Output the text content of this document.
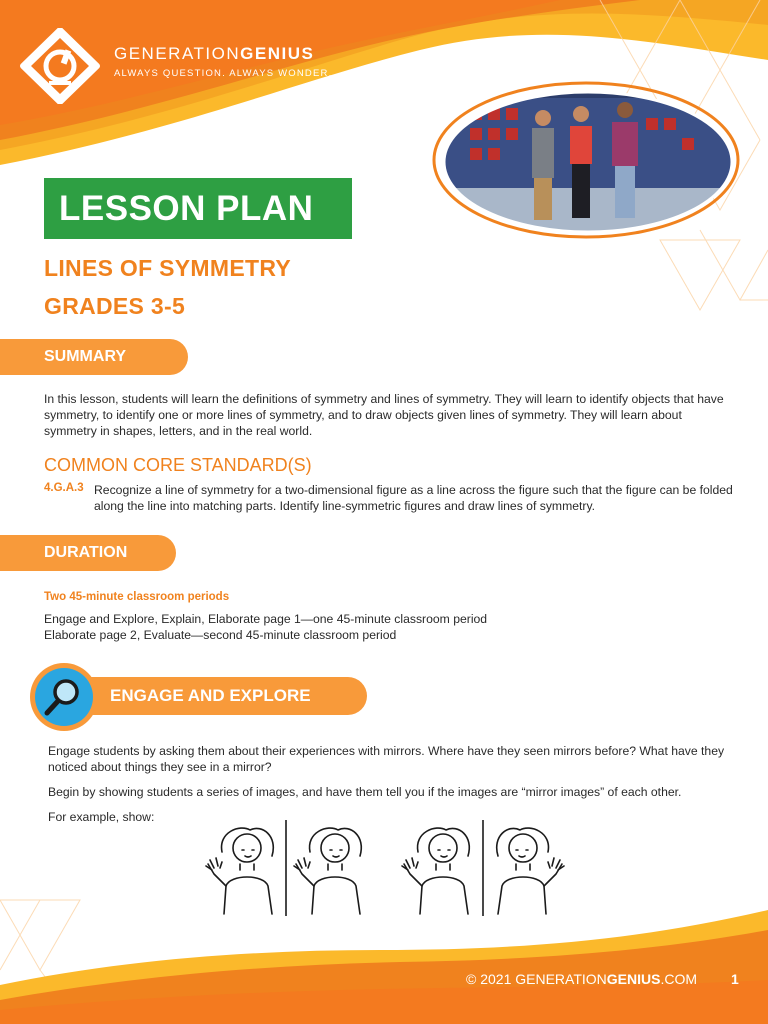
GENERATIONGENIUS
ALWAYS QUESTION. ALWAYS WONDER.
LESSON PLAN
LINES OF SYMMETRY
GRADES 3-5
SUMMARY
In this lesson, students will learn the definitions of symmetry and lines of symmetry. They will learn to identify objects that have symmetry, to identify one or more lines of symmetry, and to draw objects given lines of symmetry. They will learn about symmetry in shapes, letters, and in the real world.
COMMON CORE STANDARD(S)
4.G.A.3 Recognize a line of symmetry for a two-dimensional figure as a line across the figure such that the figure can be folded along the line into matching parts. Identify line-symmetric figures and draw lines of symmetry.
DURATION
Two 45-minute classroom periods
Engage and Explore, Explain, Elaborate page 1—one 45-minute classroom period
Elaborate page 2, Evaluate—second 45-minute classroom period
ENGAGE AND EXPLORE
Engage students by asking them about their experiences with mirrors. Where have they seen mirrors before? What have they noticed about things they see in a mirror?
Begin by showing students a series of images, and have them tell you if the images are “mirror images” of each other.
For example, show:
© 2021 GENERATIONGENIUS.COM 1
